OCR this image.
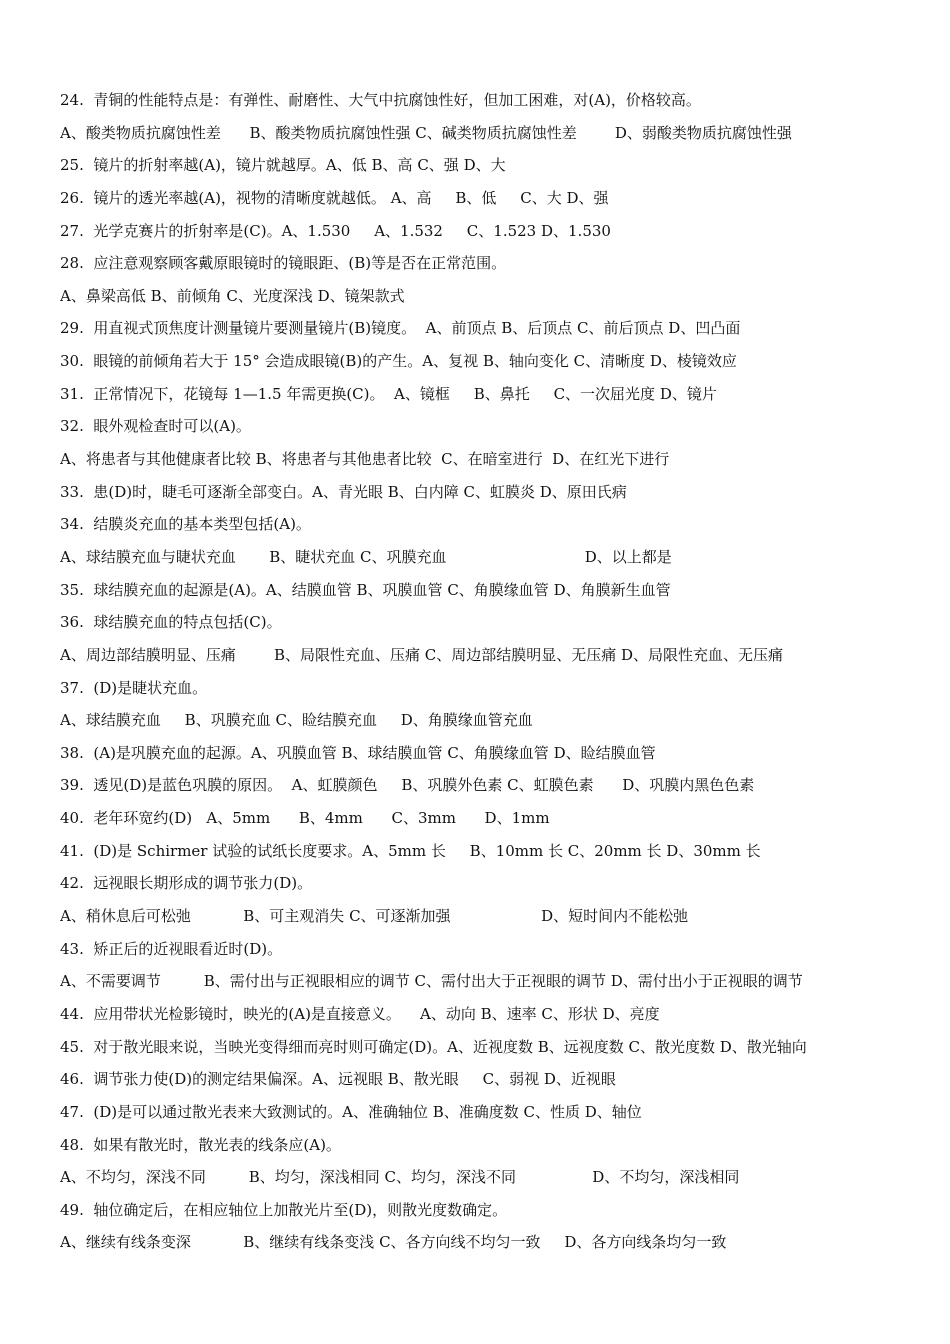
24.  青铜的性能特点是：有弹性、耐磨性、大气中抗腐蚀性好，但加工困难，对(A)，价格较高。
A、酸类物质抗腐蚀性差      B、酸类物质抗腐蚀性强 C、碱类物质抗腐蚀性差        D、弱酸类物质抗腐蚀性强
25.  镜片的折射率越(A)，镜片就越厚。A、低 B、高 C、强 D、大
26.  镜片的透光率越(A)，视物的清晰度就越低。 A、高     B、低     C、大 D、强
27.  光学克赛片的折射率是(C)。A、1.530     A、1.532     C、1.523 D、1.530
28.  应注意观察顾客戴原眼镜时的镜眼距、(B)等是否在正常范围。
A、鼻梁高低 B、前倾角 C、光度深浅 D、镜架款式
29.  用直视式顶焦度计测量镜片要测量镜片(B)镜度。  A、前顶点 B、后顶点 C、前后顶点 D、凹凸面
30.  眼镜的前倾角若大于 15° 会造成眼镜(B)的产生。A、复视 B、轴向变化 C、清晰度 D、棱镜效应
31.  正常情况下，花镜每 1—1.5 年需更换(C)。  A、镜框     B、鼻托     C、一次屈光度 D、镜片
32.  眼外观检查时可以(A)。
A、将患者与其他健康者比较 B、将患者与其他患者比较  C、在暗室进行  D、在红光下进行
33.  患(D)时，睫毛可逐渐全部变白。A、青光眼 B、白内障 C、虹膜炎 D、原田氏病
34.  结膜炎充血的基本类型包括(A)。
A、球结膜充血与睫状充血       B、睫状充血 C、巩膜充血                             D、以上都是
35.  球结膜充血的起源是(A)。A、结膜血管 B、巩膜血管 C、角膜缘血管 D、角膜新生血管
36.  球结膜充血的特点包括(C)。
A、周边部结膜明显、压痛        B、局限性充血、压痛 C、周边部结膜明显、无压痛 D、局限性充血、无压痛
37.  (D)是睫状充血。
A、球结膜充血     B、巩膜充血 C、睑结膜充血     D、角膜缘血管充血
38.  (A)是巩膜充血的起源。A、巩膜血管 B、球结膜血管 C、角膜缘血管 D、睑结膜血管
39.  透见(D)是蓝色巩膜的原因。  A、虹膜颜色     B、巩膜外色素 C、虹膜色素      D、巩膜内黑色色素
40.  老年环宽约(D)   A、5mm      B、4mm      C、3mm      D、1mm
41.  (D)是 Schirmer 试验的试纸长度要求。A、5mm 长     B、10mm 长 C、20mm 长 D、30mm 长
42.  远视眼长期形成的调节张力(D)。
A、稍休息后可松弛           B、可主观消失 C、可逐渐加强                   D、短时间内不能松弛
43.  矫正后的近视眼看近时(D)。
A、不需要调节         B、需付出与正视眼相应的调节 C、需付出大于正视眼的调节 D、需付出小于正视眼的调节
44.  应用带状光检影镜时，映光的(A)是直接意义。    A、动向 B、速率 C、形状 D、亮度
45.  对于散光眼来说，当映光变得细而亮时则可确定(D)。A、近视度数 B、远视度数 C、散光度数 D、散光轴向
46.  调节张力使(D)的测定结果偏深。A、远视眼 B、散光眼     C、弱视 D、近视眼
47.  (D)是可以通过散光表来大致测试的。A、准确轴位 B、准确度数 C、性质 D、轴位
48.  如果有散光时，散光表的线条应(A)。
A、不均匀，深浅不同         B、均匀，深浅相同 C、均匀，深浅不同                D、不均匀，深浅相同
49.  轴位确定后，在相应轴位上加散光片至(D)，则散光度数确定。
A、继续有线条变深           B、继续有线条变浅 C、各方向线不均匀一致     D、各方向线条均匀一致
